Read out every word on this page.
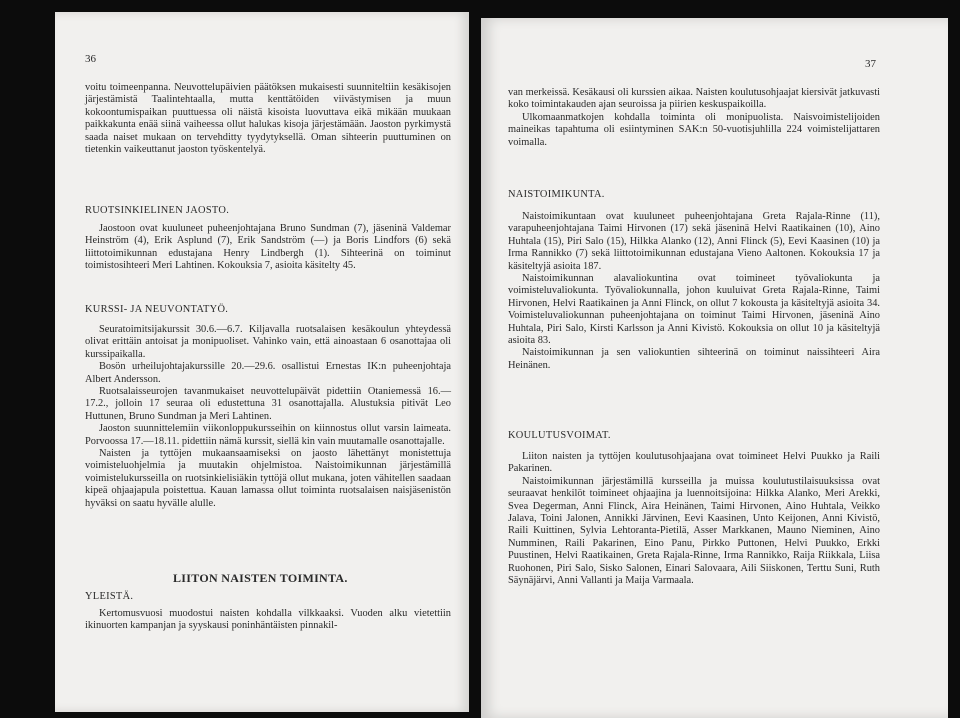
36

voitu toimeenpanna. Neuvottelupäivien päätöksen mukaisesti suunniteltiin kesäkisojen järjestämistä Taalintehtaalla, mutta kenttätöiden viivästymisen ja muun kokoontumispaikan puuttuessa oli näistä kisoista luovuttava eikä mikään muukaan paikkakunta enää siinä vaiheessa ollut halukas kisoja järjestämään. Jaoston pyrkimystä saada naiset mukaan on tervehditty tyydytyksellä. Oman sihteerin puuttuminen on tietenkin vaikeuttanut jaoston työskentelyä.

RUOTSINKIELINEN JAOSTO.

Jaostoon ovat kuuluneet puheenjohtajana Bruno Sundman (7), jäseninä Valdemar Heinström (4), Erik Asplund (7), Erik Sandström (—) ja Boris Lindfors (6) sekä liittotoimikunnan edustajana Henry Lindbergh (1). Sihteerinä on toiminut toimistosihteeri Meri Lahtinen. Kokouksia 7, asioita käsitelty 45.

KURSSI- JA NEUVONTATYÖ.

Seuratoimitsijakurssit 30.6.—6.7. Kiljavalla ruotsalaisen kesäkoulun yhteydessä olivat erittäin antoisat ja monipuoliset. Vahinko vain, että ainoastaan 6 osanottajaa oli kurssipaikalla.

Bosön urheilujohtajakurssille 20.—29.6. osallistui Ernestas IK:n puheenjohtaja Albert Andersson.

Ruotsalaisseurojen tavanmukaiset neuvottelupäivät pidettiin Otaniemessä 16.—17.2., jolloin 17 seuraa oli edustettuna 31 osanottajalla. Alustuksia pitivät Leo Huttunen, Bruno Sundman ja Meri Lahtinen.

Jaoston suunnittelemiin viikonloppukursseihin on kiinnostus ollut varsin laimeata. Porvoossa 17.—18.11. pidettiin nämä kurssit, siellä kin vain muutamalle osanottajalle.

Naisten ja tyttöjen mukaansaamiseksi on jaosto lähettänyt monistettuja voimisteluohjelmia ja muutakin ohjelmistoa. Naistoimikunnan järjestämillä voimistelukursseilla on ruotsinkielisiäkin tyttöjä ollut mukana, joten vähitellen saadaan kipeä ohjaajapula poistettua. Kauan lamassa ollut toiminta ruotsalaisen naisjäsenistön hyväksi on saatu hyvälle alulle.

LIITON NAISTEN TOIMINTA.
YLEISTÄ.

Kertomusvuosi muodostui naisten kohdalla vilkkaaksi. Vuoden alku vietettiin ikinuorten kampanjan ja syyskausi poninhäntäisten pinnakil-

37

van merkeissä. Kesäkausi oli kurssien aikaa. Naisten koulutusohjaajat kiersivät jatkuvasti koko toimintakauden ajan seuroissa ja piirien keskuspaikoilla.

Ulkomaanmatkojen kohdalla toiminta oli monipuolista. Naisvoimistelijoiden maineikas tapahtuma oli esiintyminen SAK:n 50-vuotisjuhlilla 224 voimistelijattaren voimalla.

NAISTOIMIKUNTA.

Naistoimikuntaan ovat kuuluneet puheenjohtajana Greta Rajala-Rinne (11), varapuheenjohtajana Taimi Hirvonen (17) sekä jäseninä Helvi Raatikainen (10), Aino Huhtala (15), Piri Salo (15), Hilkka Alanko (12), Anni Flinck (5), Eevi Kaasinen (10) ja Irma Rannikko (7) sekä liittotoimikunnan edustajana Vieno Aaltonen. Kokouksia 17 ja käsiteltyjä asioita 187.

Naistoimikunnan alavaliokuntina ovat toimineet työvaliokunta ja voimisteluvaliokunta. Työvaliokunnalla, johon kuuluivat Greta Rajala-Rinne, Taimi Hirvonen, Helvi Raatikainen ja Anni Flinck, on ollut 7 kokousta ja käsiteltyjä asioita 34. Voimisteluvaliokunnan puheenjohtajana on toiminut Taimi Hirvonen, jäseninä Aino Huhtala, Piri Salo, Kirsti Karlsson ja Anni Kivistö. Kokouksia on ollut 10 ja käsiteltyjä asioita 83.

Naistoimikunnan ja sen valiokuntien sihteerinä on toiminut naissihteeri Aira Heinänen.

KOULUTUSVOIMAT.

Liiton naisten ja tyttöjen koulutusohjaajana ovat toimineet Helvi Puukko ja Raili Pakarinen.

Naistoimikunnan järjestämillä kursseilla ja muissa koulutustilaisuuksissa ovat seuraavat henkilöt toimineet ohjaajina ja luennoitsijoina: Hilkka Alanko, Meri Arekki, Svea Degerman, Anni Flinck, Aira Heinänen, Taimi Hirvonen, Aino Huhtala, Veikko Jalava, Toini Jalonen, Annikki Järvinen, Eevi Kaasinen, Unto Keijonen, Anni Kivistö, Raili Kuittinen, Sylvia Lehtoranta-Pietilä, Asser Markkanen, Mauno Nieminen, Aino Numminen, Raili Pakarinen, Eino Panu, Pirkko Puttonen, Helvi Puukko, Erkki Puustinen, Helvi Raatikainen, Greta Rajala-Rinne, Irma Rannikko, Raija Riikkala, Liisa Ruohonen, Piri Salo, Sisko Salonen, Einari Salovaara, Aili Siiskonen, Terttu Suni, Ruth Säynäjärvi, Anni Vallanti ja Maija Varmaala.
